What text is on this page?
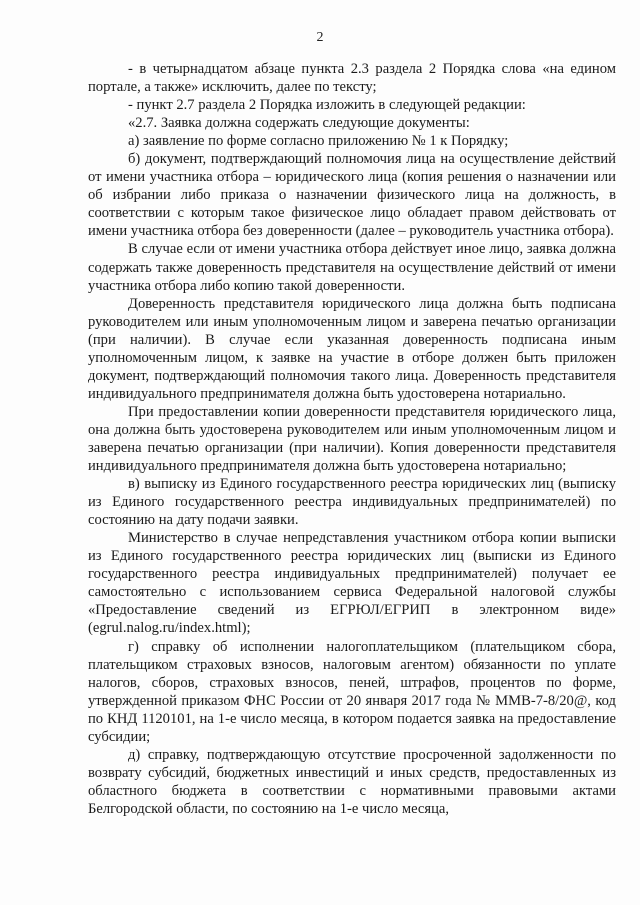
2

- в четырнадцатом абзаце пункта 2.3 раздела 2 Порядка слова «на едином портале, а также» исключить, далее по тексту;

- пункт 2.7 раздела 2 Порядка изложить в следующей редакции:

«2.7. Заявка должна содержать следующие документы:

а) заявление по форме согласно приложению № 1 к Порядку;

б) документ, подтверждающий полномочия лица на осуществление действий от имени участника отбора – юридического лица (копия решения о назначении или об избрании либо приказа о назначении физического лица на должность, в соответствии с которым такое физическое лицо обладает правом действовать от имени участника отбора без доверенности (далее – руководитель участника отбора).

В случае если от имени участника отбора действует иное лицо, заявка должна содержать также доверенность представителя на осуществление действий от имени участника отбора либо копию такой доверенности.

Доверенность представителя юридического лица должна быть подписана руководителем или иным уполномоченным лицом и заверена печатью организации (при наличии). В случае если указанная доверенность подписана иным уполномоченным лицом, к заявке на участие в отборе должен быть приложен документ, подтверждающий полномочия такого лица. Доверенность представителя индивидуального предпринимателя должна быть удостоверена нотариально.

При предоставлении копии доверенности представителя юридического лица, она должна быть удостоверена руководителем или иным уполномоченным лицом и заверена печатью организации (при наличии). Копия доверенности представителя индивидуального предпринимателя должна быть удостоверена нотариально;

в) выписку из Единого государственного реестра юридических лиц (выписку из Единого государственного реестра индивидуальных предпринимателей) по состоянию на дату подачи заявки.

Министерство в случае непредставления участником отбора копии выписки из Единого государственного реестра юридических лиц (выписки из Единого государственного реестра индивидуальных предпринимателей) получает ее самостоятельно с использованием сервиса Федеральной налоговой службы «Предоставление сведений из ЕГРЮЛ/ЕГРИП в электронном виде» (egrul.nalog.ru/index.html);

г) справку об исполнении налогоплательщиком (плательщиком сбора, плательщиком страховых взносов, налоговым агентом) обязанности по уплате налогов, сборов, страховых взносов, пеней, штрафов, процентов по форме, утвержденной приказом ФНС России от 20 января 2017 года № ММВ-7-8/20@, код по КНД 1120101, на 1-е число месяца, в котором подается заявка на предоставление субсидии;

д) справку, подтверждающую отсутствие просроченной задолженности по возврату субсидий, бюджетных инвестиций и иных средств, предоставленных из областного бюджета в соответствии с нормативными правовыми актами Белгородской области, по состоянию на 1-е число месяца,
